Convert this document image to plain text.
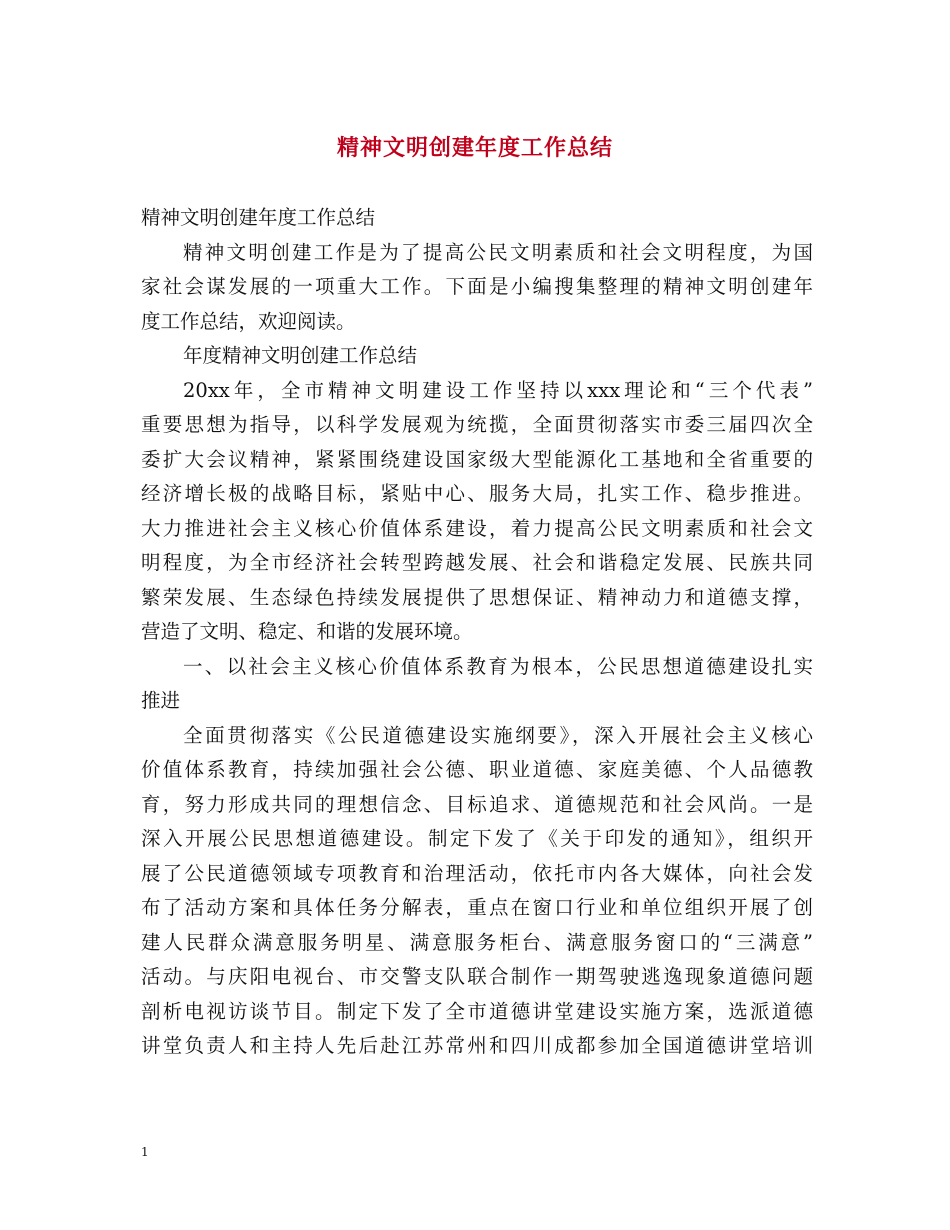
精神文明创建年度工作总结
精神文明创建年度工作总结
精神文明创建工作是为了提高公民文明素质和社会文明程度，为国
家社会谋发展的一项重大工作。下面是小编搜集整理的精神文明创建年
度工作总结，欢迎阅读。
年度精神文明创建工作总结
20xx年，全市精神文明建设工作坚持以xxx理论和“三个代表”
重要思想为指导，以科学发展观为统揽，全面贯彻落实市委三届四次全
委扩大会议精神，紧紧围绕建设国家级大型能源化工基地和全省重要的
经济增长极的战略目标，紧贴中心、服务大局，扎实工作、稳步推进。
大力推进社会主义核心价值体系建设，着力提高公民文明素质和社会文
明程度，为全市经济社会转型跨越发展、社会和谐稳定发展、民族共同
繁荣发展、生态绿色持续发展提供了思想保证、精神动力和道德支撑，
营造了文明、稳定、和谐的发展环境。
一、以社会主义核心价值体系教育为根本，公民思想道德建设扎实
推进
全面贯彻落实《公民道德建设实施纲要》，深入开展社会主义核心
价值体系教育，持续加强社会公德、职业道德、家庭美德、个人品德教
育，努力形成共同的理想信念、目标追求、道德规范和社会风尚。一是
深入开展公民思想道德建设。制定下发了《关于印发的通知》，组织开
展了公民道德领域专项教育和治理活动，依托市内各大媒体，向社会发
布了活动方案和具体任务分解表，重点在窗口行业和单位组织开展了创
建人民群众满意服务明星、满意服务柜台、满意服务窗口的“三满意”
活动。与庆阳电视台、市交警支队联合制作一期驾驶逃逸现象道德问题
剖析电视访谈节目。制定下发了全市道德讲堂建设实施方案，选派道德
讲堂负责人和主持人先后赴江苏常州和四川成都参加全国道德讲堂培训
1
